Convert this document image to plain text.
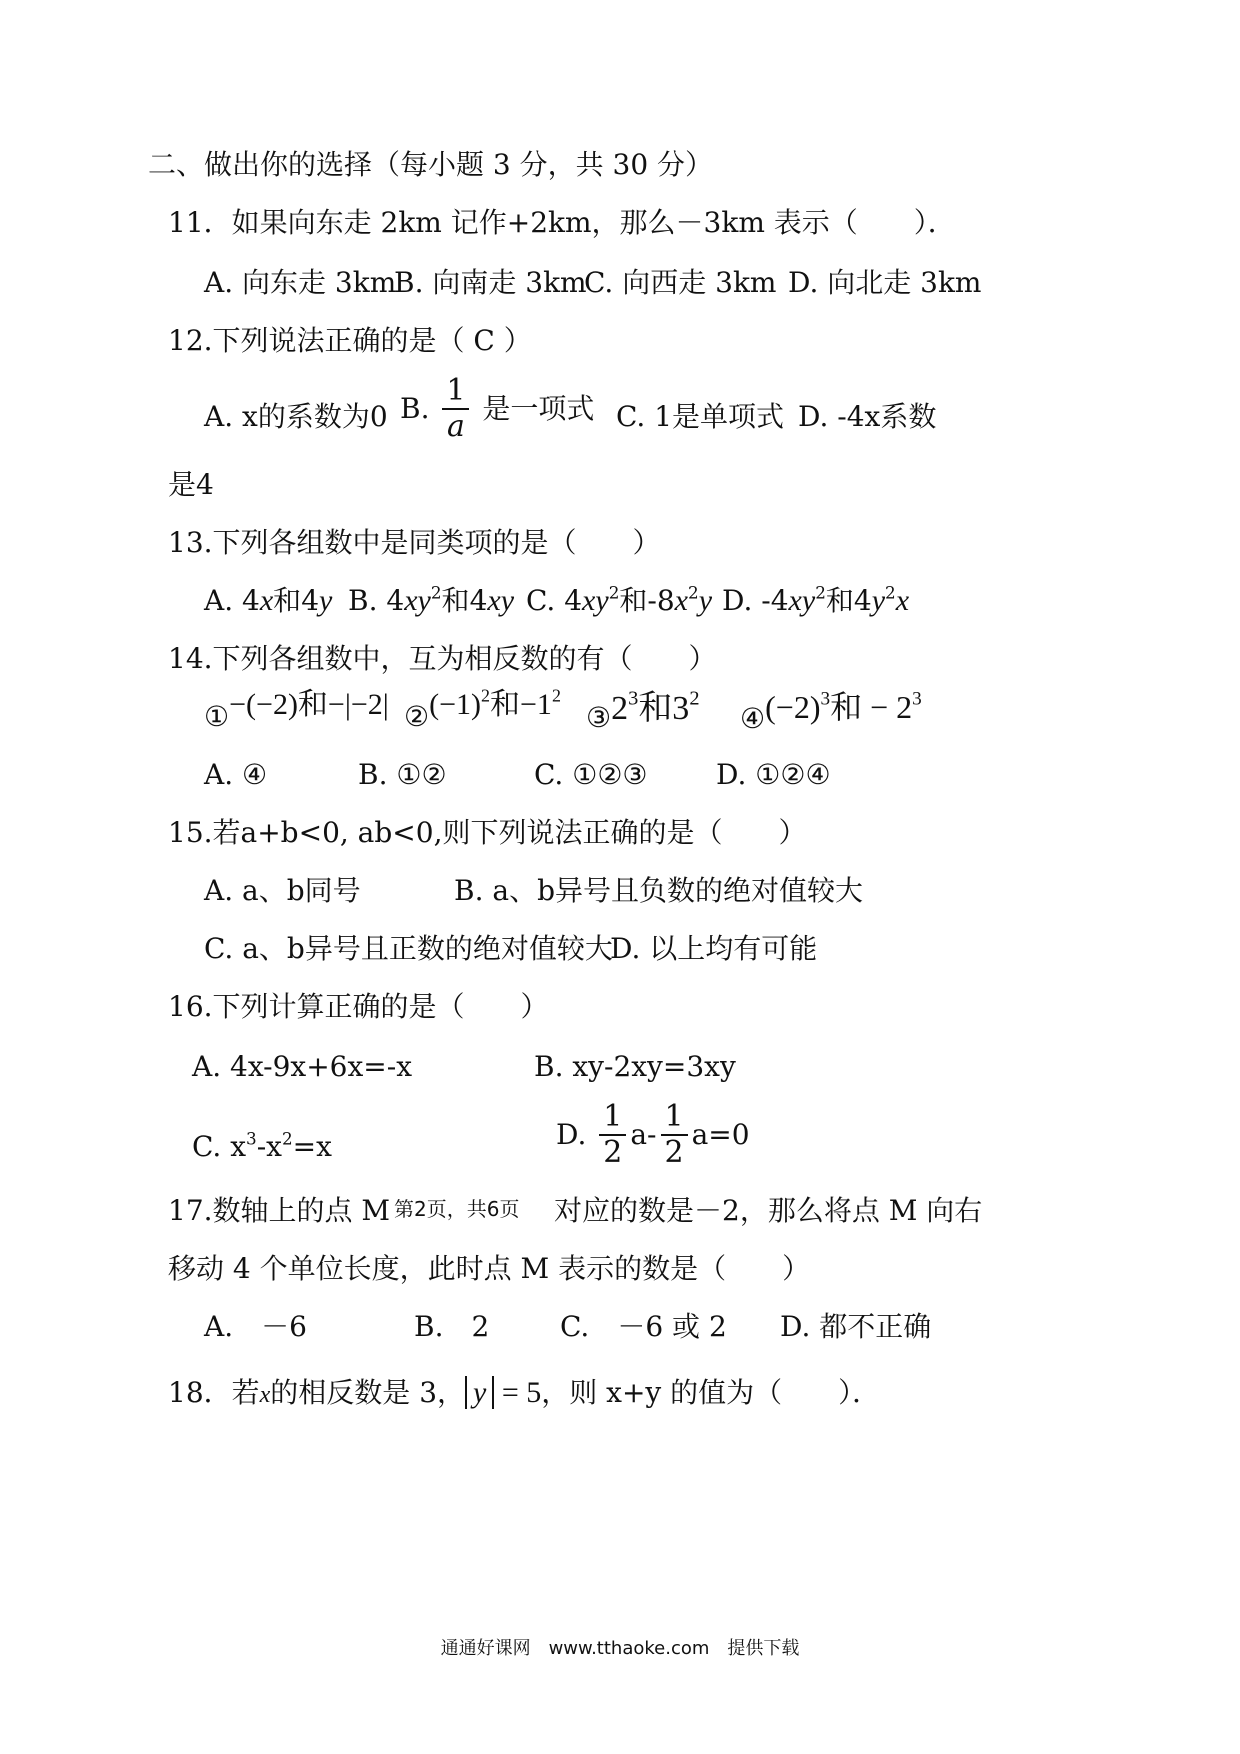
二、做出你的选择（每小题 3 分，共 30 分）
11．如果向东走 2km 记作+2km，那么－3km 表示（　　）．
A. 向东走 3km
B. 向南走 3km
C. 向西走 3km D. 向北走 3km
12.下列说法正确的是（ C ）
A. x的系数为0 B. $\frac{1}{a}$ 是一项式 C. 1是单项式 D. -4x系数
是4
13.下列各组数中是同类项的是（　　）
A. 4x和4y B. $4xy^2$和4xy C. $4xy^2$和$-8x^2y$ D. $-4xy^2$和$4y^2x$
14.下列各组数中，互为相反数的有（　　）
①−(−2)和−|−2| $②(-1)^2$和$-1^2$
$③2^3$和$3^2$
$④(-2)^3$和 − $2^3$
A. ④	B. ①②	C. ①②③ D. ①②④
15.若a+b<0, ab<0,则下列说法正确的是（　　）
A. a、b同号	B. a、b异号且负数的绝对值较大
C. a、b异号且正数的绝对值较大
D. 以上均有可能
16.下列计算正确的是（　　）
A. 4x-9x+6x=-x	B. xy-2xy=3xy
C. $x^3-x^2=x$	D. $\frac{1}{2} a- \frac{1}{2} a=0$
17.数轴上的点 M 第2页，共6页 对应的数是－2，那么将点 M 向右
移动 4 个单位长度，此时点 M 表示的数是（　　）
A.　－6	B.　2	C.　－6 或 2 D. 都不正确
18．若x的相反数是 3， y = 5，则 x+y 的值为（　　）．
通通好课网　www.tthaoke.com　提供下载
